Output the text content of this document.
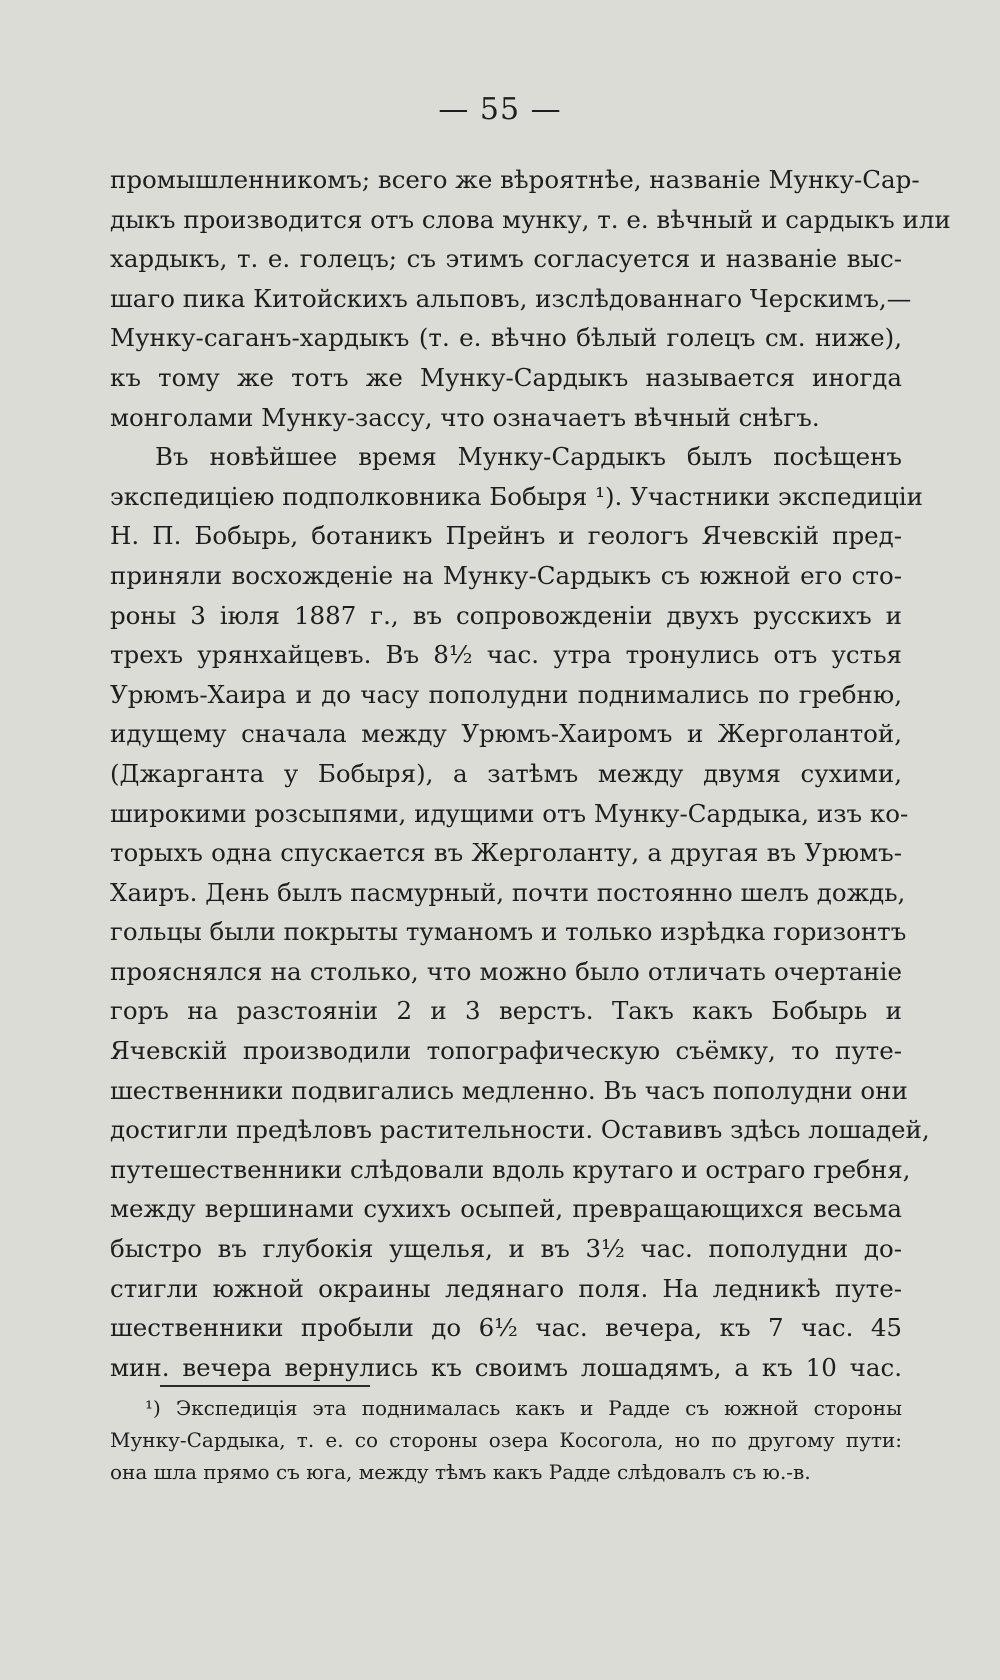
— 55 —
промышленникомъ; всего же вѣроятнѣе, названіе Мунку-Сар-
дыкъ производится отъ слова мунку, т. е. вѣчный и сардыкъ или
хардыкъ, т. е. голецъ; съ этимъ согласуется и названіе выс-
шаго пика Китойскихъ альповъ, изслѣдованнаго Черскимъ,—
Мунку-саганъ-хардыкъ (т. е. вѣчно бѣлый голецъ см. ниже),
къ тому же тотъ же Мунку-Сардыкъ называется иногда
монголами Мунку-зассу, что означаетъ вѣчный снѣгъ.
Въ новѣйшее время Мунку-Сардыкъ былъ посѣщенъ
экспедиціею подполковника Бобыря ¹). Участники экспедиціи
Н. П. Бобырь, ботаникъ Прейнъ и геологъ Ячевскій пред-
приняли восхожденіе на Мунку-Сардыкъ съ южной его сто-
роны 3 іюля 1887 г., въ сопровожденіи двухъ русскихъ и
трехъ урянхайцевъ. Въ 8½ час. утра тронулись отъ устья
Урюмъ-Хаира и до часу пополудни поднимались по гребню,
идущему сначала между Урюмъ-Хаиромъ и Жерголантой,
(Джарганта у Бобыря), а затѣмъ между двумя сухими,
широкими розсыпями, идущими отъ Мунку-Сардыка, изъ ко-
торыхъ одна спускается въ Жерголанту, а другая въ Урюмъ-
Хаиръ. День былъ пасмурный, почти постоянно шелъ дождь,
гольцы были покрыты туманомъ и только изрѣдка горизонтъ
прояснялся на столько, что можно было отличать очертаніе
горъ на разстояніи 2 и 3 верстъ. Такъ какъ Бобырь и
Ячевскій производили топографическую съёмку, то путе-
шественники подвигались медленно. Въ часъ пополудни они
достигли предѣловъ растительности. Оставивъ здѣсь лошадей,
путешественники слѣдовали вдоль крутаго и остраго гребня,
между вершинами сухихъ осыпей, превращающихся весьма
быстро въ глубокія ущелья, и въ 3½ час. пополудни до-
стигли южной окраины ледянаго поля. На ледникѣ путе-
шественники пробыли до 6½ час. вечера, къ 7 час. 45
мин. вечера вернулись къ своимъ лошадямъ, а къ 10 час.
¹) Экспедиція эта поднималась какъ и Радде съ южной стороны
Мунку-Сардыка, т. е. со стороны озера Косогола, но по другому пути:
она шла прямо съ юга, между тѣмъ какъ Радде слѣдовалъ съ ю.-в.
